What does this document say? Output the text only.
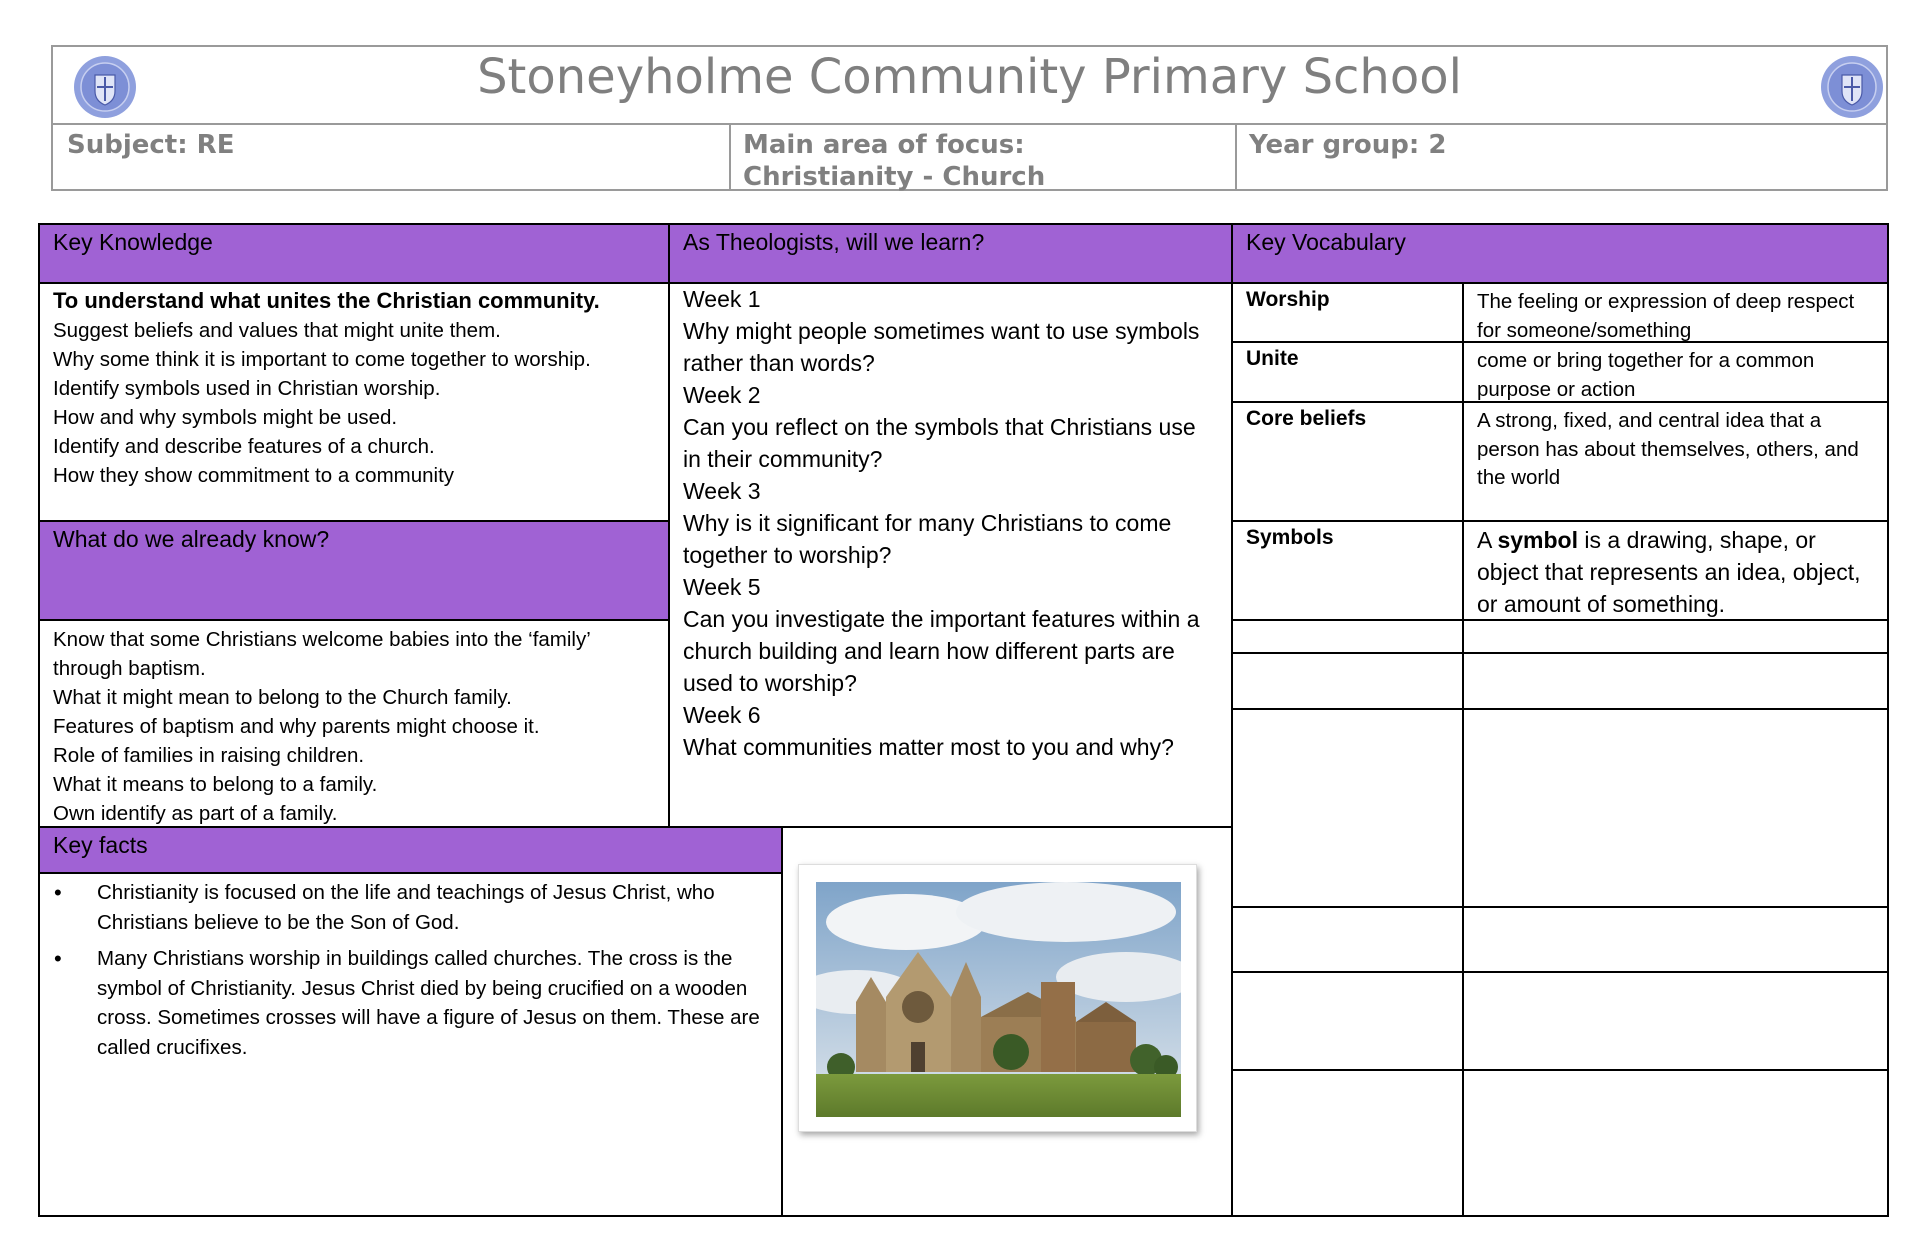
Stoneyholme Community Primary School
Subject: RE	Main area of focus:
Christianity - Church
Year group: 2
Key Knowledge	As Theologists, will we learn?	Key Vocabulary
What do we already know?
Key facts
To understand what unites the Christian community.
Suggest beliefs and values that might unite them.
Why some think it is important to come together to worship.
Identify symbols used in Christian worship.
How and why symbols might be used.
Identify and describe features of a church.
How they show commitment to a community
Know that some Christians welcome babies into the ‘family’ through baptism.
What it might mean to belong to the Church family.
Features of baptism and why parents might choose it.
Role of families in raising children.
What it means to belong to a family.
Own identify as part of a family.
Week 1
Why might people sometimes want to use symbols rather than words?
Week 2
Can you reflect on the symbols that Christians use in their community?
Week 3
Why is it significant for many Christians to come together to worship?
Week 5
Can you investigate the important features within a church building and learn how different parts are used to worship?
Week 6
What communities matter most to you and why?
Worship	The feeling or expression of deep respect for someone/something
Unite	come or bring together for a common purpose or action
Core beliefs	A strong, fixed, and central idea that a person has about themselves, others, and the world
Symbols	A symbol is a drawing, shape, or object that represents an idea, object, or amount of something.
• Christianity is focused on the life and teachings of Jesus Christ, who Christians believe to be the Son of God.
• Many Christians worship in buildings called churches. The cross is the symbol of Christianity. Jesus Christ died by being crucified on a wooden cross. Sometimes crosses will have a figure of Jesus on them. These are called crucifixes.
